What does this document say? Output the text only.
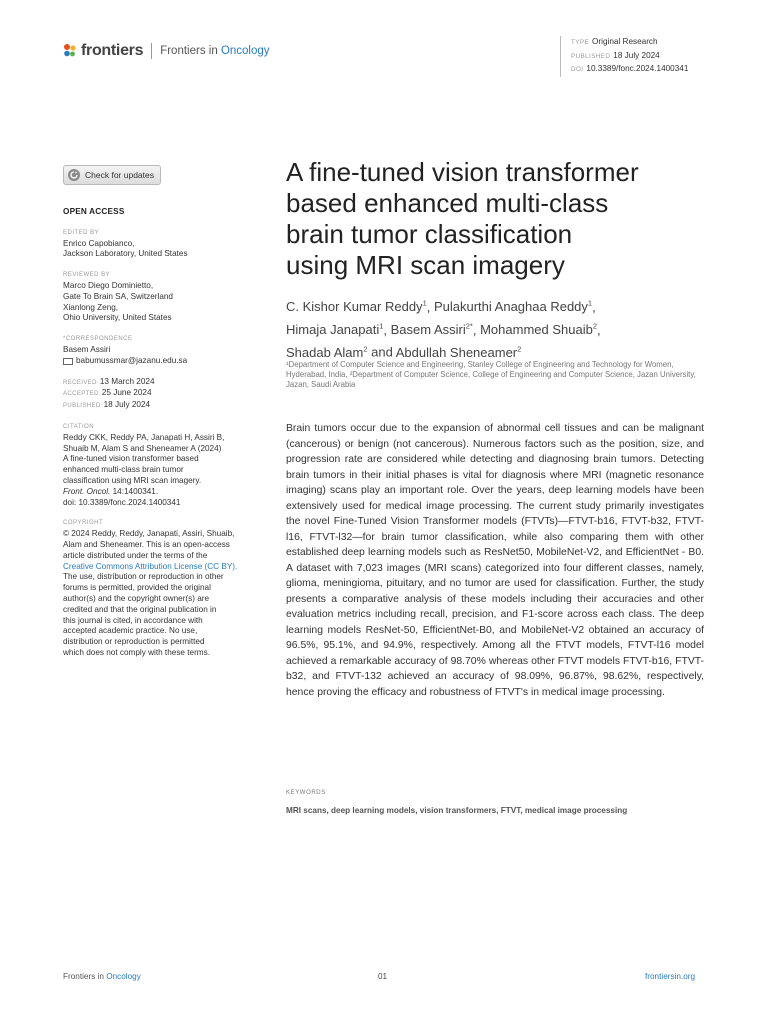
frontiers Frontiers in Oncology
TYPE Original Research
PUBLISHED 18 July 2024
DOI 10.3389/fonc.2024.1400341
Check for updates
OPEN ACCESS
EDITED BY
Enrico Capobianco,
Jackson Laboratory, United States
REVIEWED BY
Marco Diego Dominietto,
Gate To Brain SA, Switzerland
Xianlong Zeng,
Ohio University, United States
*CORRESPONDENCE
Basem Assiri
babumussmar@jazanu.edu.sa
RECEIVED 13 March 2024
ACCEPTED 25 June 2024
PUBLISHED 18 July 2024
CITATION
Reddy CKK, Reddy PA, Janapati H, Assiri B,
Shuaib M, Alam S and Sheneamer A (2024)
A fine-tuned vision transformer based
enhanced multi-class brain tumor
classification using MRI scan imagery.
Front. Oncol. 14:1400341.
doi: 10.3389/fonc.2024.1400341
COPYRIGHT
© 2024 Reddy, Reddy, Janapati, Assiri, Shuaib,
Alam and Sheneamer. This is an open-access
article distributed under the terms of the
Creative Commons Attribution License (CC BY).
The use, distribution or reproduction in other
forums is permitted, provided the original
author(s) and the copyright owner(s) are
credited and that the original publication in
this journal is cited, in accordance with
accepted academic practice. No use,
distribution or reproduction is permitted
which does not comply with these terms.
A fine-tuned vision transformer
based enhanced multi-class
brain tumor classification
using MRI scan imagery
C. Kishor Kumar Reddy$^1$, Pulakurthi Anaghaa Reddy$^1$,
Himaja Janapati$^1$, Basem Assiri$^{2*}$, Mohammed Shuaib$^2$,
Shadab Alam$^2$ and Abdullah Sheneamer$^2$
¹Department of Computer Science and Engineering, Stanley College of Engineering and Technology for Women, Hyderabad, India, ²Department of Computer Science, College of Engineering and Computer Science, Jazan University, Jazan, Saudi Arabia
Brain tumors occur due to the expansion of abnormal cell tissues and can be malignant (cancerous) or benign (not cancerous). Numerous factors such as the position, size, and progression rate are considered while detecting and diagnosing brain tumors. Detecting brain tumors in their initial phases is vital for diagnosis where MRI (magnetic resonance imaging) scans play an important role. Over the years, deep learning models have been extensively used for medical image processing. The current study primarily investigates the novel Fine-Tuned Vision Transformer models (FTVTs)—FTVT-b16, FTVT-b32, FTVT-l16, FTVT-l32—for brain tumor classification, while also comparing them with other established deep learning models such as ResNet50, MobileNet-V2, and EfficientNet - B0. A dataset with 7,023 images (MRI scans) categorized into four different classes, namely, glioma, meningioma, pituitary, and no tumor are used for classification. Further, the study presents a comparative analysis of these models including their accuracies and other evaluation metrics including recall, precision, and F1-score across each class. The deep learning models ResNet-50, EfficientNet-B0, and MobileNet-V2 obtained an accuracy of 96.5%, 95.1%, and 94.9%, respectively. Among all the FTVT models, FTVT-l16 model achieved a remarkable accuracy of 98.70% whereas other FTVT models FTVT-b16, FTVT-b32, and FTVT-132 achieved an accuracy of 98.09%, 96.87%, 98.62%, respectively, hence proving the efficacy and robustness of FTVT's in medical image processing.
KEYWORDS
MRI scans, deep learning models, vision transformers, FTVT, medical image processing
Frontiers in Oncology	01	frontiersin.org
